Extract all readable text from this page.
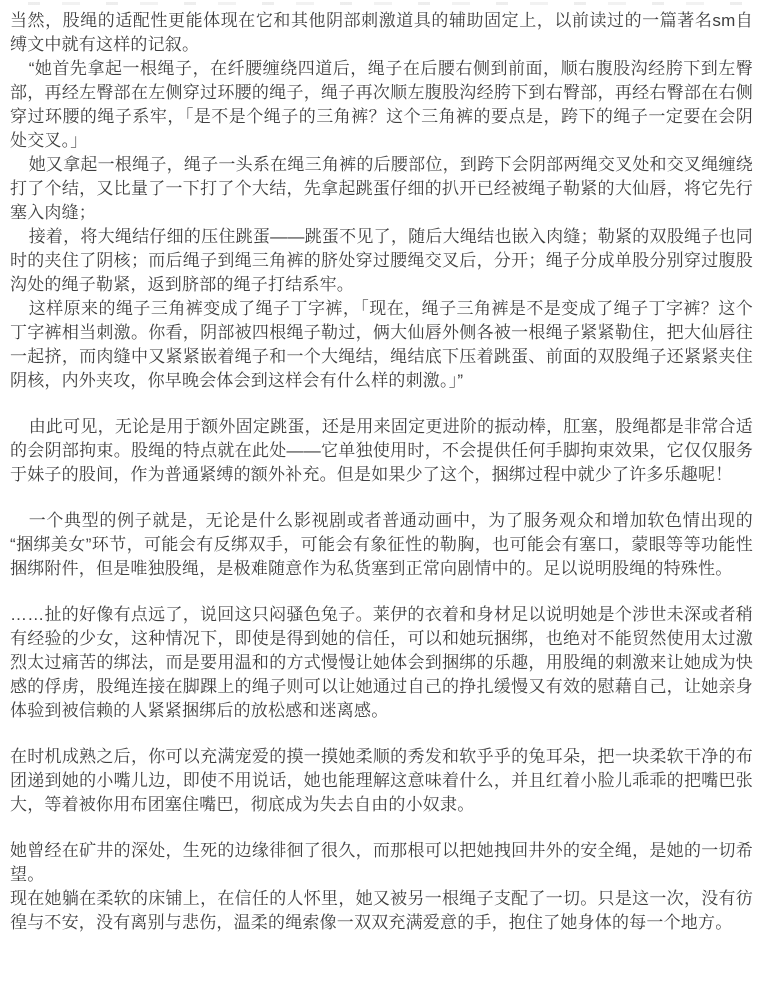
当然，股绳的适配性更能体现在它和其他阴部刺激道具的辅助固定上，以前读过的一篇著名sm自缚文中就有这样的记叙。

“她首先拿起一根绳子，在纤腰缠绕四道后，绳子在后腰右侧到前面，顺右腹股沟经胯下到左臀部，再经左臀部在左侧穿过环腰的绳子，绳子再次顺左腹股沟经胯下到右臀部，再经右臀部在右侧穿过环腰的绳子系牢，「是不是个绳子的三角裤？这个三角裤的要点是，跨下的绳子一定要在会阴处交叉。」

她又拿起一根绳子，绳子一头系在绳三角裤的后腰部位，到跨下会阴部两绳交叉处和交叉绳缠绕打了个结，又比量了一下打了个大结，先拿起跳蛋仔细的扒开已经被绳子勒紧的大仙唇，将它先行塞入肉缝；

接着，将大绳结仔细的压住跳蛋——跳蛋不见了，随后大绳结也嵌入肉缝；勒紧的双股绳子也同时的夹住了阴核；而后绳子到绳三角裤的脐处穿过腰绳交叉后，分开；绳子分成单股分别穿过腹股沟处的绳子勒紧，返到脐部的绳子打结系牢。

这样原来的绳子三角裤变成了绳子丁字裤，「现在，绳子三角裤是不是变成了绳子丁字裤？这个丁字裤相当刺激。你看，阴部被四根绳子勒过，俩大仙唇外侧各被一根绳子紧紧勒住，把大仙唇往一起挤，而肉缝中又紧紧嵌着绳子和一个大绳结，绳结底下压着跳蛋、前面的双股绳子还紧紧夹住阴核，内外夹攻，你早晚会体会到这样会有什么样的刺激。」”

由此可见，无论是用于额外固定跳蛋，还是用来固定更进阶的振动棒，肛塞，股绳都是非常合适的会阴部拘束。股绳的特点就在此处——它单独使用时，不会提供任何手脚拘束效果，它仅仅服务于妹子的股间，作为普通紧缚的额外补充。但是如果少了这个，捆绑过程中就少了许多乐趣呢！

一个典型的例子就是，无论是什么影视剧或者普通动画中，为了服务观众和增加软色情出现的“捆绑美女”环节，可能会有反绑双手，可能会有象征性的勒胸，也可能会有塞口，蒙眼等等功能性捆绑附件，但是唯独股绳，是极难随意作为私货塞到正常向剧情中的。足以说明股绳的特殊性。

……扯的好像有点远了，说回这只闷骚色兔子。莱伊的衣着和身材足以说明她是个涉世未深或者稍有经验的少女，这种情况下，即使是得到她的信任，可以和她玩捆绑，也绝对不能贸然使用太过激烈太过痛苦的绑法，而是要用温和的方式慢慢让她体会到捆绑的乐趣，用股绳的刺激来让她成为快感的俘虏，股绳连接在脚踝上的绳子则可以让她通过自己的挣扎缓慢又有效的慰藉自己，让她亲身体验到被信赖的人紧紧捆绑后的放松感和迷离感。

在时机成熟之后，你可以充满宠爱的摸一摸她柔顺的秀发和软乎乎的兔耳朵，把一块柔软干净的布团递到她的小嘴儿边，即使不用说话，她也能理解这意味着什么，并且红着小脸儿乖乖的把嘴巴张大，等着被你用布团塞住嘴巴，彻底成为失去自由的小奴隶。

她曾经在矿井的深处，生死的边缘徘徊了很久，而那根可以把她拽回井外的安全绳，是她的一切希望。

现在她躺在柔软的床铺上，在信任的人怀里，她又被另一根绳子支配了一切。只是这一次，没有彷徨与不安，没有离别与悲伤，温柔的绳索像一双双充满爱意的手，抱住了她身体的每一个地方。
